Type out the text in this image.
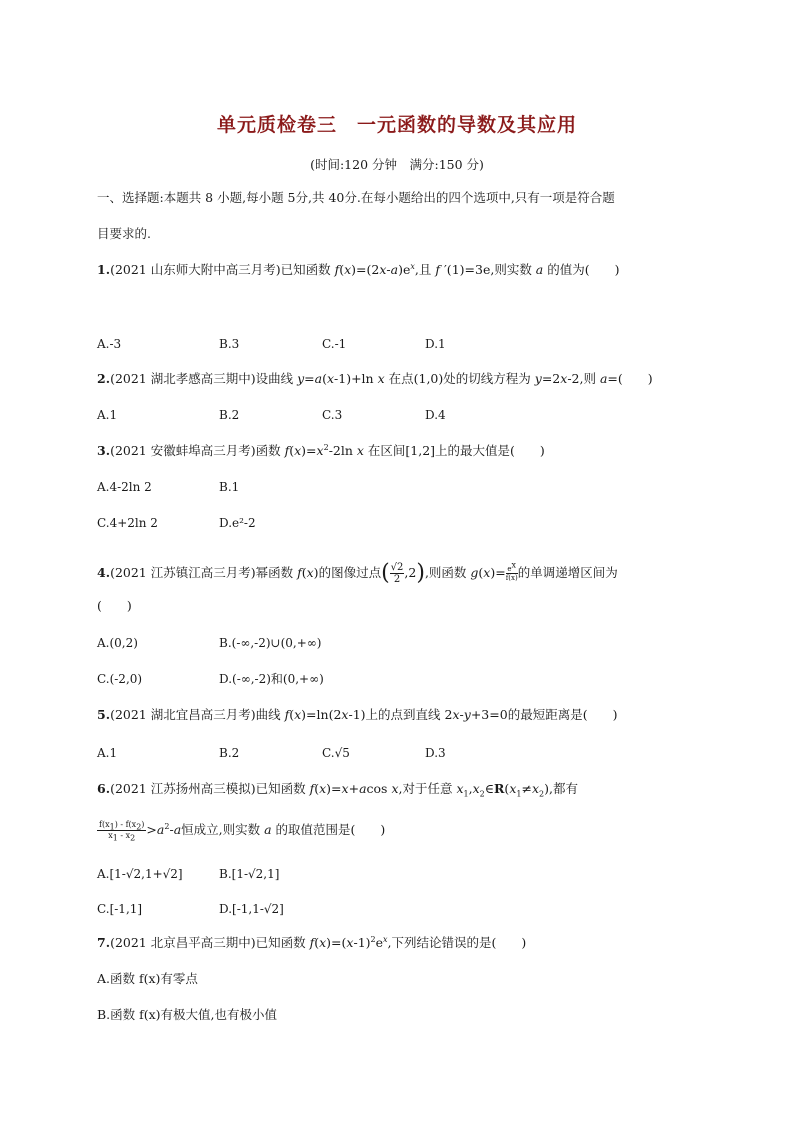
单元质检卷三　一元函数的导数及其应用
(时间:120 分钟　满分:150 分)
一、选择题:本题共 8 小题,每小题 5分,共 40分.在每小题给出的四个选项中,只有一项是符合题
目要求的.
1.(2021 山东师大附中高三月考)已知函数 $f(x)=(2x-a)e^x$,且 f ′(1)=3e,则实数 a 的值为(　　)
A.-3	B.3	C.-1	D.1
2.(2021 湖北孝感高三期中)设曲线 y=a(x-1)+ln x 在点(1,0)处的切线方程为 y=2x-2,则 a=(　　)
A.1	B.2	C.3	D.4
3.(2021 安徽蚌埠高三月考)函数 $f(x)=x^2-2\ln$ x 在区间[1,2]上的最大值是(　　)
A.4-2ln 2	B.1
C.4+2ln 2	D.e²-2
4.(2021 江苏镇江高三月考)幂函数 f(x)的图像过点( $\frac{√2}{2} ,2$),则函数 $g(x)= \frac{e^x}{f(x)}$ 的单调递增区间为
(　　)
A.(0,2)	B.(-∞,-2)∪(0,+∞)
C.(-2,0)	D.(-∞,-2)和(0,+∞)
5.(2021 湖北宜昌高三月考)曲线 f(x)=ln(2x-1)上的点到直线 2x-y+3=0的最短距离是(　　)
A.1	B.2	C.√5	D.3
6.(2021 江苏扬州高三模拟)已知函数 f(x)=x+acos x,对于任意 $x_1,x_2\in R(x_1\ne x_2)$,都有
$\frac{f(x_1) - f(x_2)}{x_1 - x_2} >a^2-a$恒成立,则实数 a 的取值范围是(　　)
A.[1-√2,1+√2]	B.[1-√2,1]
C.[-1,1]	D.[-1,1-√2]
7.(2021 北京昌平高三期中)已知函数 $f(x)=(x-1)^2e^x$,下列结论错误的是(　　)
A.函数 f(x)有零点
B.函数 f(x)有极大值,也有极小值
